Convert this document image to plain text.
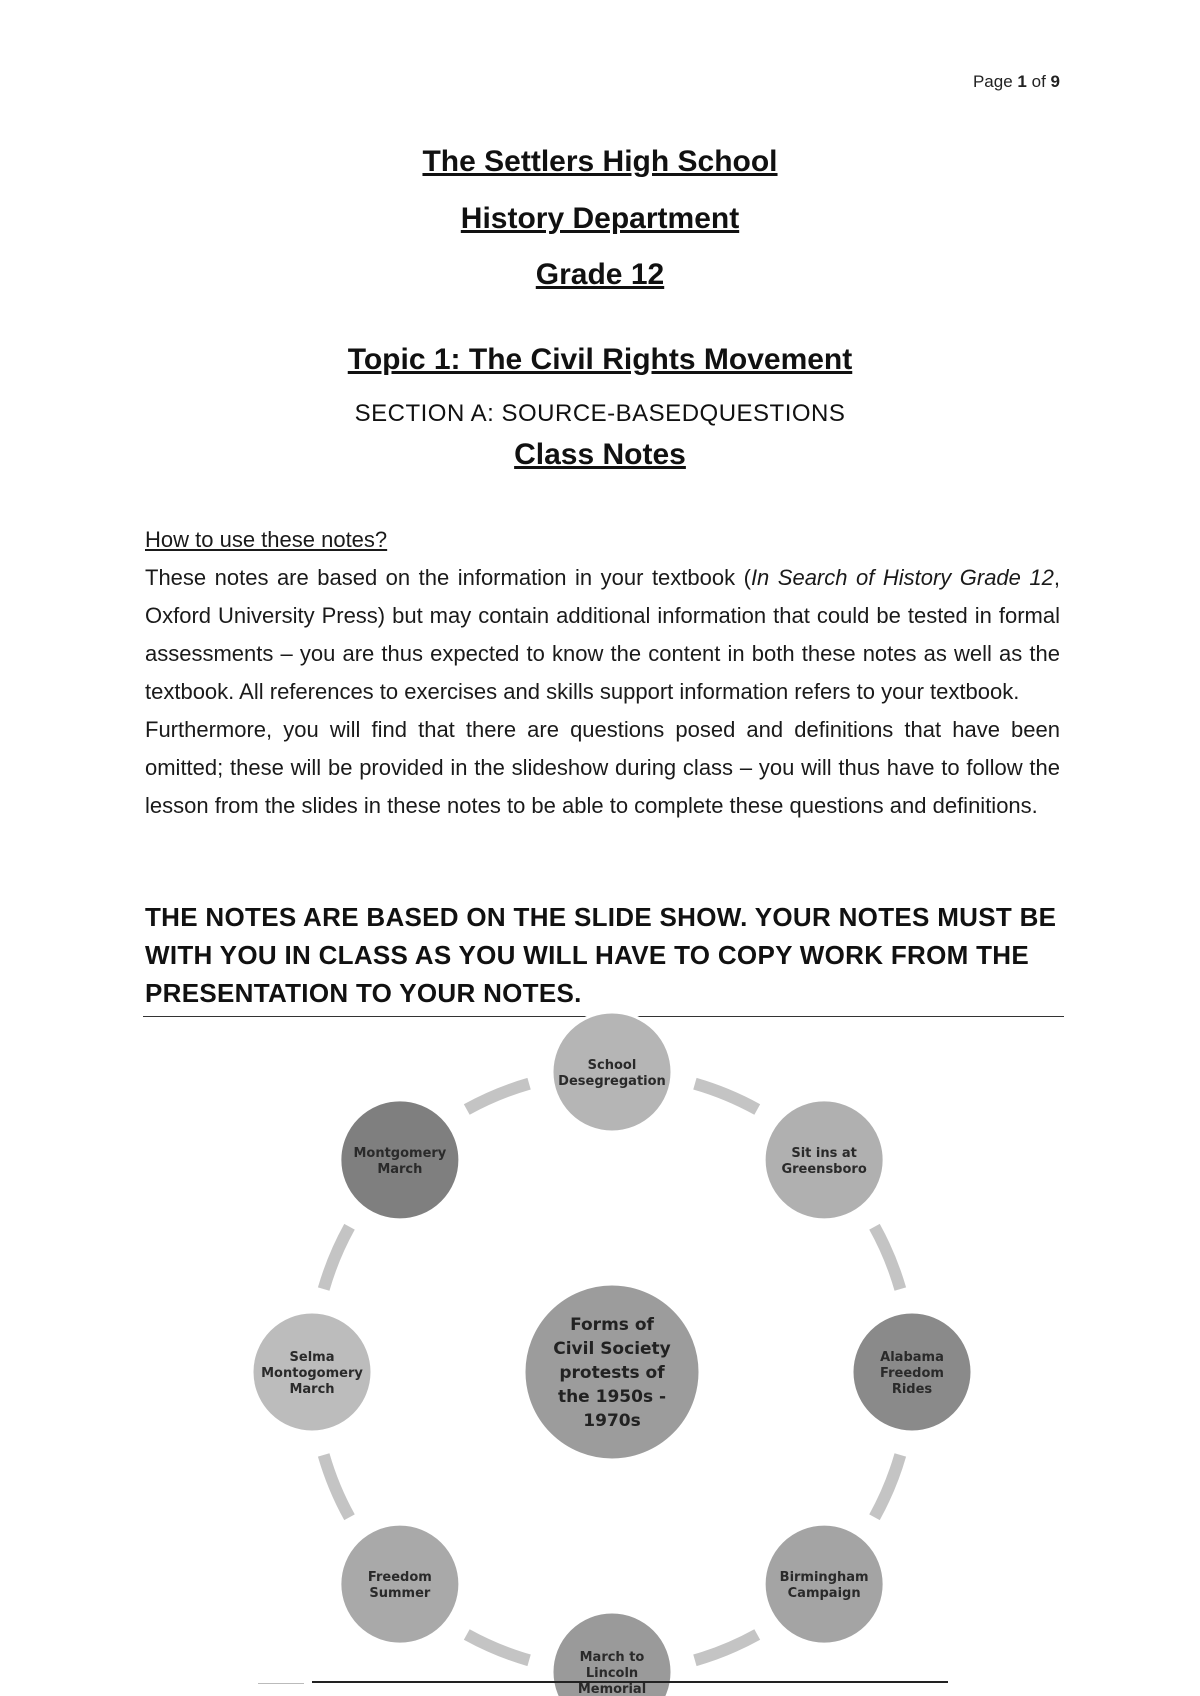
Page 1 of 9
The Settlers High School
History Department
Grade 12
Topic 1: The Civil Rights Movement
SECTION A: SOURCE-BASEDQUESTIONS
Class Notes

How to use these notes?

These notes are based on the information in your textbook (In Search of History Grade 12, Oxford University Press) but may contain additional information that could be tested in formal assessments – you are thus expected to know the content in both these notes as well as the textbook. All references to exercises and skills support information refers to your textbook.

Furthermore, you will find that there are questions posed and definitions that have been omitted; these will be provided in the slideshow during class – you will thus have to follow the lesson from the slides in these notes to be able to complete these questions and definitions.

THE NOTES ARE BASED ON THE SLIDE SHOW. YOUR NOTES MUST BE WITH YOU IN CLASS AS YOU WILL HAVE TO COPY WORK FROM THE PRESENTATION TO YOUR NOTES.
Forms of
Civil Society
protests of
the 1950s -
1970s
School
Desegregation
Sit ins at
Greensboro
Alabama
Freedom
Rides
Birmingham
Campaign
March to
Lincoln
Memorial
Freedom
Summer
Selma
Montogomery
March
Montgomery
March
